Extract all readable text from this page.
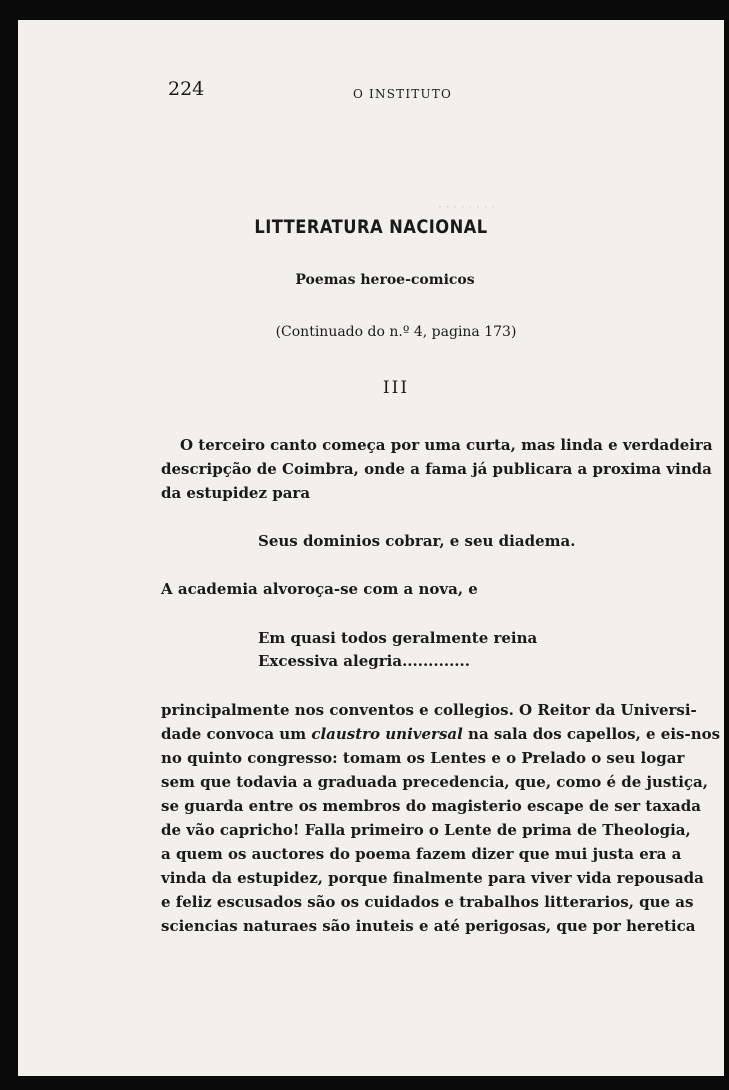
· · · · · · · ·
224	O INSTITUTO
LITTERATURA NACIONAL
Poemas heroe-comicos
(Continuado do n.º 4, pagina 173)
III
O terceiro canto começa por uma curta, mas linda e verdadeira
descripção de Coimbra, onde a fama já publicara a proxima vinda
da estupidez para
Seus dominios cobrar, e seu diadema.
A academia alvoroça-se com a nova, e
Em quasi todos geralmente reina
Excessiva alegria.............
principalmente nos conventos e collegios. O Reitor da Universi-
dade convoca um claustro universal na sala dos capellos, e eis-nos
no quinto congresso: tomam os Lentes e o Prelado o seu logar
sem que todavia a graduada precedencia, que, como é de justiça,
se guarda entre os membros do magisterio escape de ser taxada
de vão capricho! Falla primeiro o Lente de prima de Theologia,
a quem os auctores do poema fazem dizer que mui justa era a
vinda da estupidez, porque finalmente para viver vida repousada
e feliz escusados são os cuidados e trabalhos litterarios, que as
sciencias naturaes são inuteis e até perigosas, que por heretica
